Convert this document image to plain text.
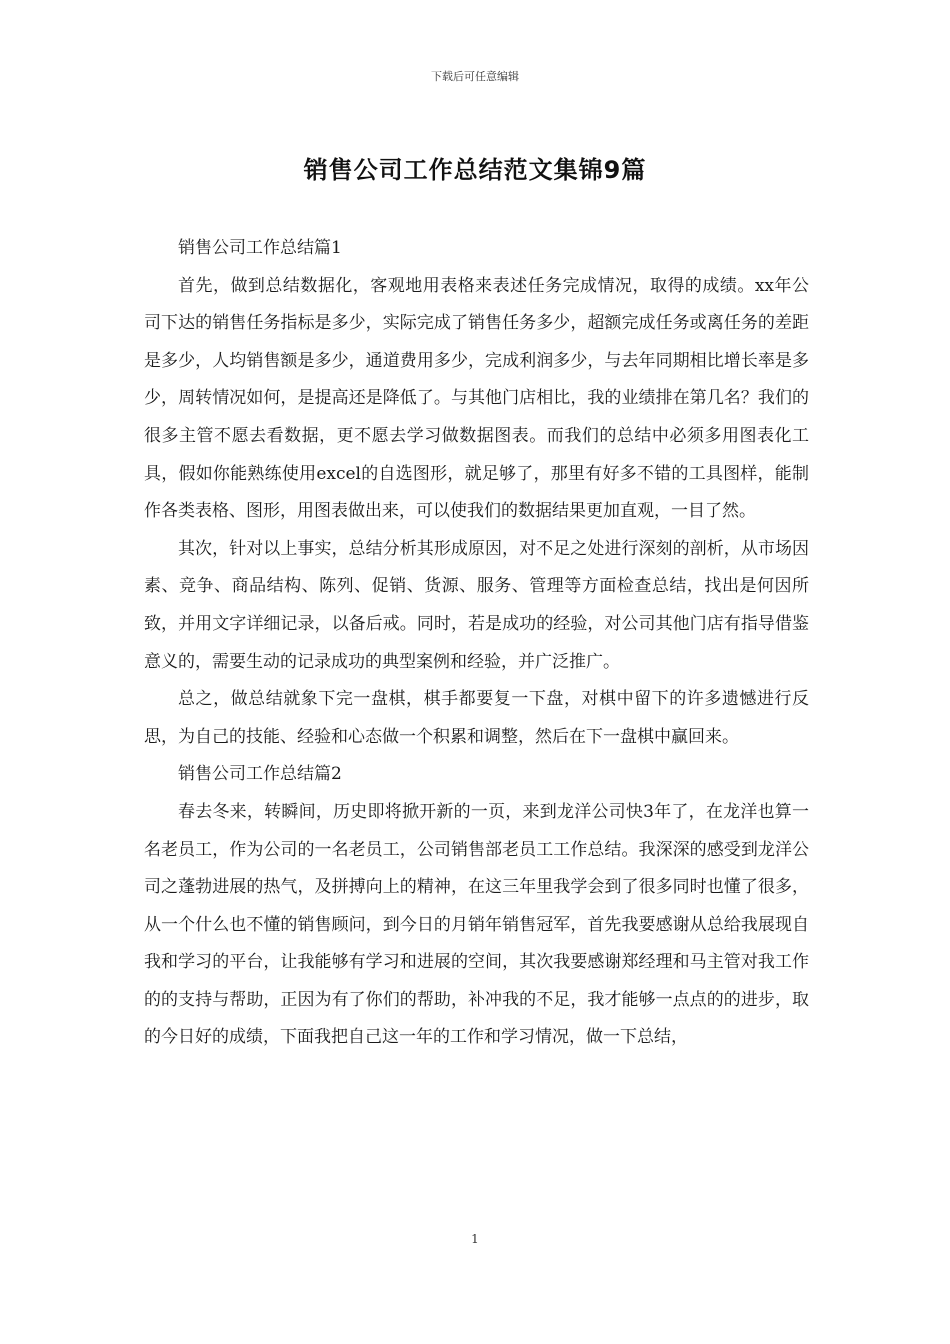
下载后可任意编辑
销售公司工作总结范文集锦9篇

销售公司工作总结篇1

首先，做到总结数据化，客观地用表格来表述任务完成情况，取得的成绩。xx年公司下达的销售任务指标是多少，实际完成了销售任务多少，超额完成任务或离任务的差距是多少，人均销售额是多少，通道费用多少，完成利润多少，与去年同期相比增长率是多少，周转情况如何，是提高还是降低了。与其他门店相比，我的业绩排在第几名？我们的很多主管不愿去看数据，更不愿去学习做数据图表。而我们的总结中必须多用图表化工具，假如你能熟练使用excel的自选图形，就足够了，那里有好多不错的工具图样，能制作各类表格、图形，用图表做出来，可以使我们的数据结果更加直观，一目了然。

其次，针对以上事实，总结分析其形成原因，对不足之处进行深刻的剖析，从市场因素、竞争、商品结构、陈列、促销、货源、服务、管理等方面检查总结，找出是何因所致，并用文字详细记录，以备后戒。同时，若是成功的经验，对公司其他门店有指导借鉴意义的，需要生动的记录成功的典型案例和经验，并广泛推广。

总之，做总结就象下完一盘棋，棋手都要复一下盘，对棋中留下的许多遗憾进行反思，为自己的技能、经验和心态做一个积累和调整，然后在下一盘棋中赢回来。

销售公司工作总结篇2

春去冬来，转瞬间，历史即将掀开新的一页，来到龙洋公司快3年了，在龙洋也算一名老员工，作为公司的一名老员工，公司销售部老员工工作总结。我深深的感受到龙洋公司之蓬勃进展的热气，及拼搏向上的精神，在这三年里我学会到了很多同时也懂了很多，从一个什么也不懂的销售顾问，到今日的月销年销售冠军，首先我要感谢从总给我展现自我和学习的平台，让我能够有学习和进展的空间，其次我要感谢郑经理和马主管对我工作的的支持与帮助，正因为有了你们的帮助，补冲我的不足，我才能够一点点的的进步，取的今日好的成绩，下面我把自己这一年的工作和学习情况，做一下总结，

1
